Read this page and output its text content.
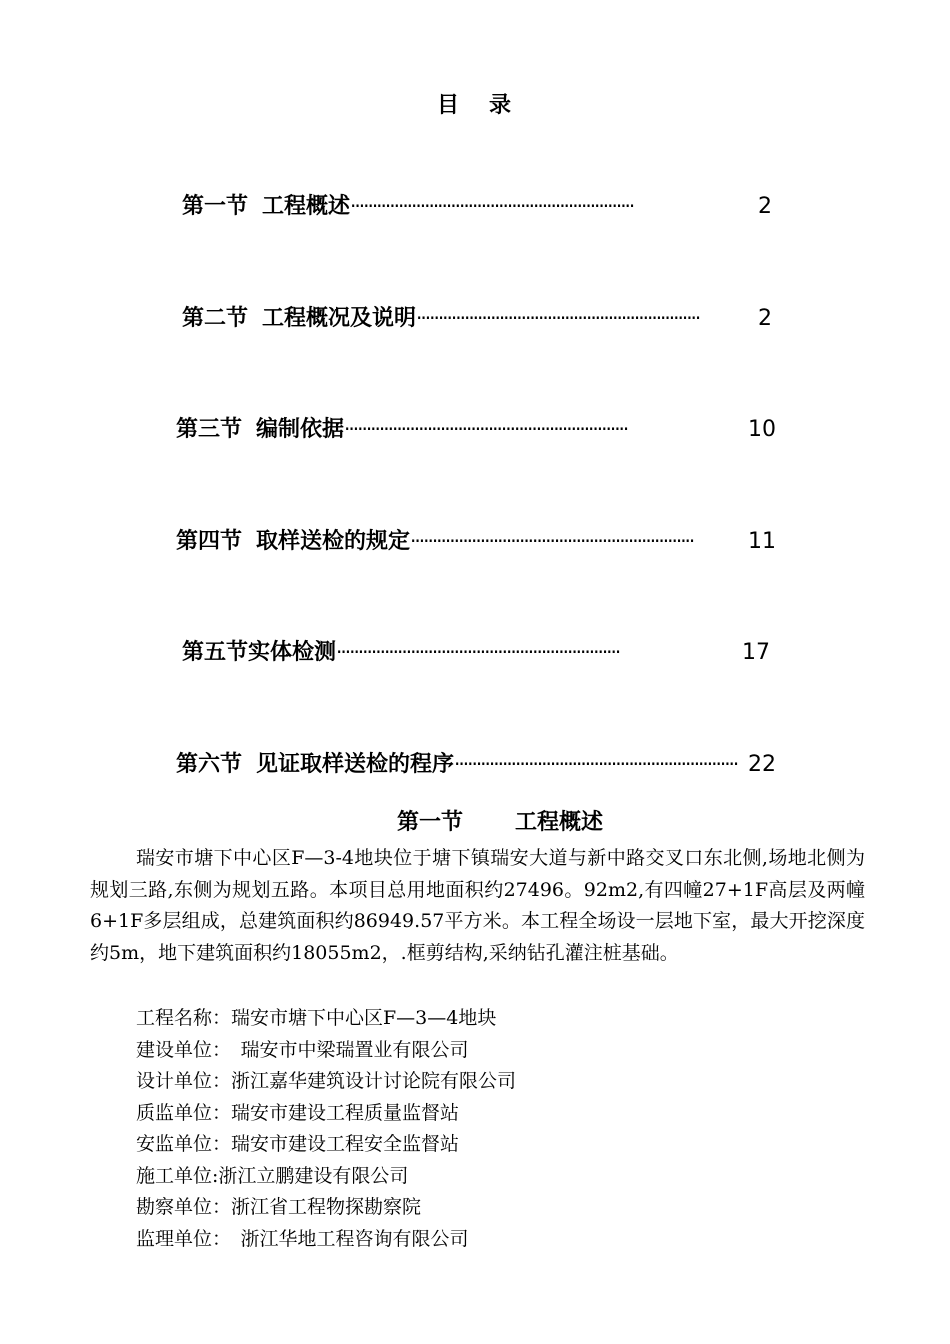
目 录
第一节 工程概述 ·································································	2
第二节 工程概况及说明 ·································································	2
第三节 编制依据 ·································································	10
第四节 取样送检的规定 ·································································	11
第五节实体检测 ·································································	17
第六节 见证取样送检的程序 ································································· 22
第一节 工程概述
瑞安市塘下中心区F—3-4地块位于塘下镇瑞安大道与新中路交叉口东北侧,场地北侧为规划三路,东侧为规划五路。本项目总用地面积约27496。92m2,有四幢27+1F高层及两幢6+1F多层组成，总建筑面积约86949.57平方米。本工程全场设一层地下室，最大开挖深度约5m，地下建筑面积约18055m2，.框剪结构,采纳钻孔灌注桩基础。
工程名称：瑞安市塘下中心区F—3—4地块
建设单位：　瑞安市中梁瑞置业有限公司
设计单位：浙江嘉华建筑设计讨论院有限公司
质监单位：瑞安市建设工程质量监督站
安监单位：瑞安市建设工程安全监督站
施工单位:浙江立鹏建设有限公司
勘察单位：浙江省工程物探勘察院
监理单位：　浙江华地工程咨询有限公司
